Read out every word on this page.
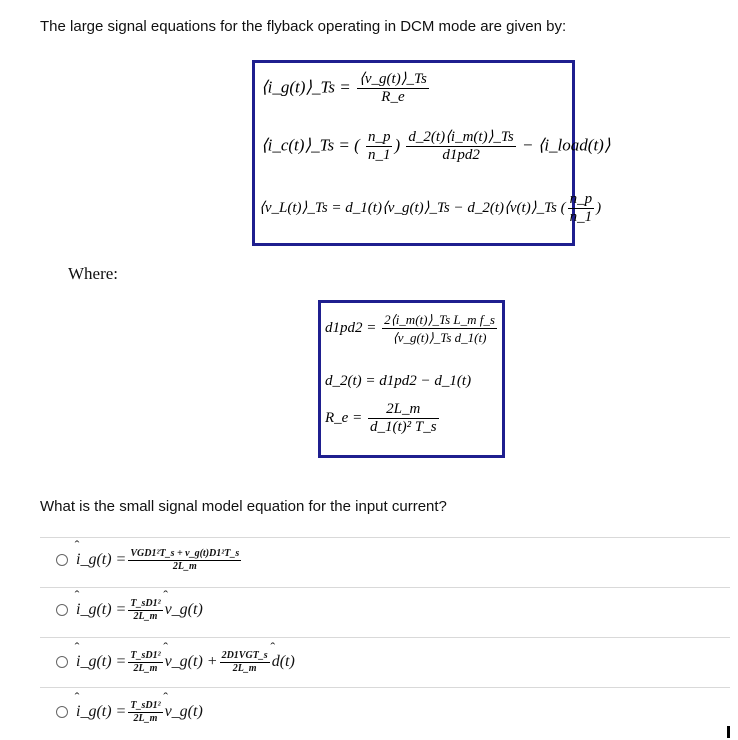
The large signal equations for the flyback operating in DCM mode are given by:
⟨i_g(t)⟩_Ts = $\frac{⟨v\_g(t)⟩\_Ts}{R\_e}$
⟨i_c(t)⟩_Ts = ( $\frac{n\_p}{n\_1}$ ) $\frac{d\_2(t)⟨i\_m(t)⟩\_Ts}{d1pd2}$ − ⟨i_load(t)⟩
⟨v_L(t)⟩_Ts = d_1(t)⟨v_g(t)⟩_Ts − d_2(t)⟨v(t)⟩_Ts ( $\frac{n\_p}{n\_1}$ )
Where:
$d1pd2 = \frac{\text{2⟨i\_m(t)⟩\_Ts L\_m f\_s}}{\text{⟨v\_g(t)⟩\_Ts d\_1(t)}}$
d_2(t) = d1pd2 − d_1(t)
R_e = $\frac{2L\_m}{\text{d\_1(t)² T\_s}}$
What is the small signal model equation for the input current?
̂ i_g(t) = $\frac{\text{VGD1²T\_s + v\_g(t)D1²T\_s}}{2L\_m}$
̂ i_g(t) = $\frac{\text{T\_sD1²}}{2L\_m}$ ̂ v_g(t)
̂ i_g(t) = $\frac{\text{T\_sD1²}}{2L\_m}$ ̂ v_g(t) + $\frac{\text{2D1VGT\_s}}{2L\_m}$ ̂ d(t)
̂ i_g(t) = $\frac{\text{T\_sD1²}}{2L\_m}$ ̂ v_g(t)
